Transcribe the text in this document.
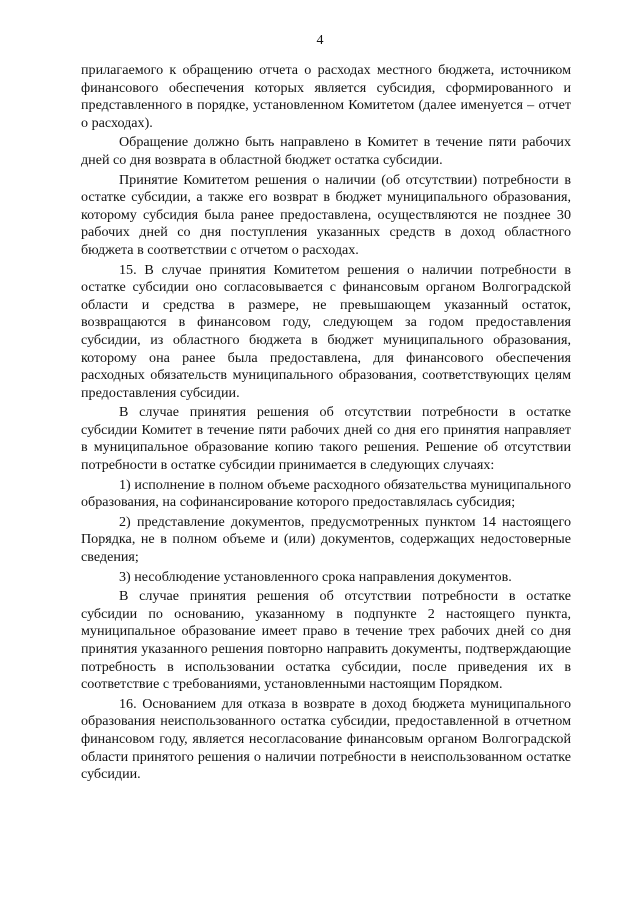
4

прилагаемого к обращению отчета о расходах местного бюджета, источником финансового обеспечения которых является субсидия, сформированного и представленного в порядке, установленном Комитетом (далее именуется – отчет о расходах).

Обращение должно быть направлено в Комитет в течение пяти рабочих дней со дня возврата в областной бюджет остатка субсидии.

Принятие Комитетом решения о наличии (об отсутствии) потребности в остатке субсидии, а также его возврат в бюджет муниципального образования, которому субсидия была ранее предоставлена, осуществляются не позднее 30 рабочих дней со дня поступления указанных средств в доход областного бюджета в соответствии с отчетом о расходах.

15. В случае принятия Комитетом решения о наличии потребности в остатке субсидии оно согласовывается с финансовым органом Волгоградской области и средства в размере, не превышающем указанный остаток, возвращаются в финансовом году, следующем за годом предоставления субсидии, из областного бюджета в бюджет муниципального образования, которому она ранее была предоставлена, для финансового обеспечения расходных обязательств муниципального образования, соответствующих целям предоставления субсидии.

В случае принятия решения об отсутствии потребности в остатке субсидии Комитет в течение пяти рабочих дней со дня его принятия направляет в муниципальное образование копию такого решения. Решение об отсутствии потребности в остатке субсидии принимается в следующих случаях:

1) исполнение в полном объеме расходного обязательства муниципального образования, на софинансирование которого предоставлялась субсидия;

2) представление документов, предусмотренных пунктом 14 настоящего Порядка, не в полном объеме и (или) документов, содержащих недостоверные сведения;

3) несоблюдение установленного срока направления документов.

В случае принятия решения об отсутствии потребности в остатке субсидии по основанию, указанному в подпункте 2 настоящего пункта, муниципальное образование имеет право в течение трех рабочих дней со дня принятия указанного решения повторно направить документы, подтверждающие потребность в использовании остатка субсидии, после приведения их в соответствие с требованиями, установленными настоящим Порядком.

16. Основанием для отказа в возврате в доход бюджета муниципального образования неиспользованного остатка субсидии, предоставленной в отчетном финансовом году, является несогласование финансовым органом Волгоградской области принятого решения о наличии потребности в неиспользованном остатке субсидии.
